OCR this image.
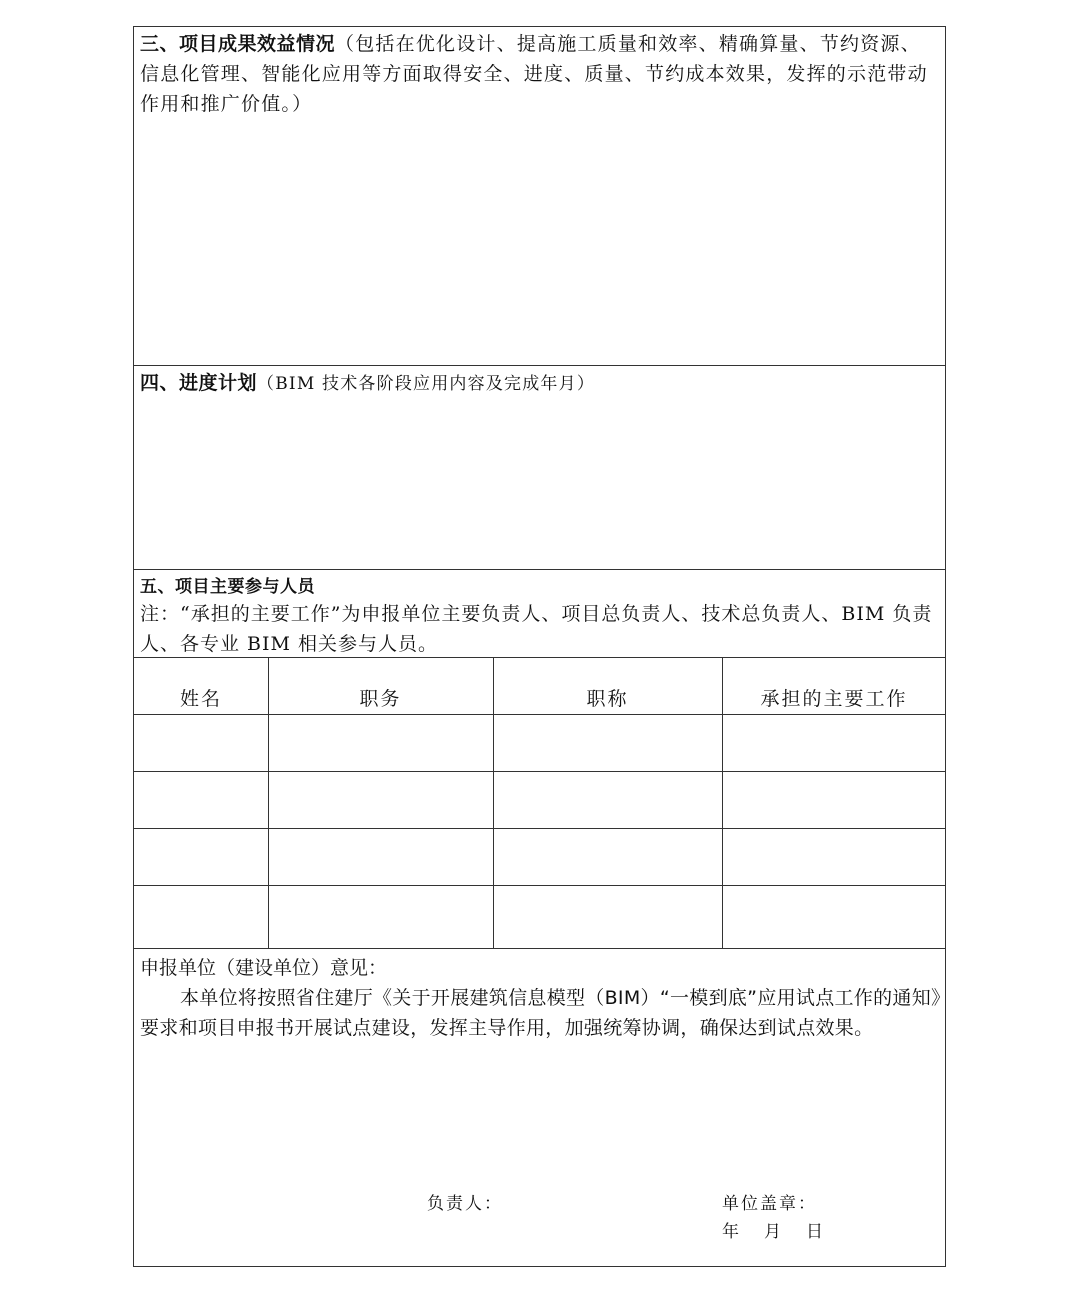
三、项目成果效益情况（包括在优化设计、提高施工质量和效率、精确算量、节约资源、信息化管理、智能化应用等方面取得安全、进度、质量、节约成本效果，发挥的示范带动作用和推广价值。）
四、进度计划（BIM 技术各阶段应用内容及完成年月）
五、项目主要参与人员
注：“承担的主要工作”为申报单位主要负责人、项目总负责人、技术总负责人、BIM 负责人、各专业 BIM 相关参与人员。
姓名	职务	职称	承担的主要工作
申报单位（建设单位）意见：
本单位将按照省住建厅《关于开展建筑信息模型（BIM）“一模到底”应用试点工作的通知》要求和项目申报书开展试点建设，发挥主导作用，加强统筹协调，确保达到试点效果。
负责人：	单位盖章：
年　月　日
